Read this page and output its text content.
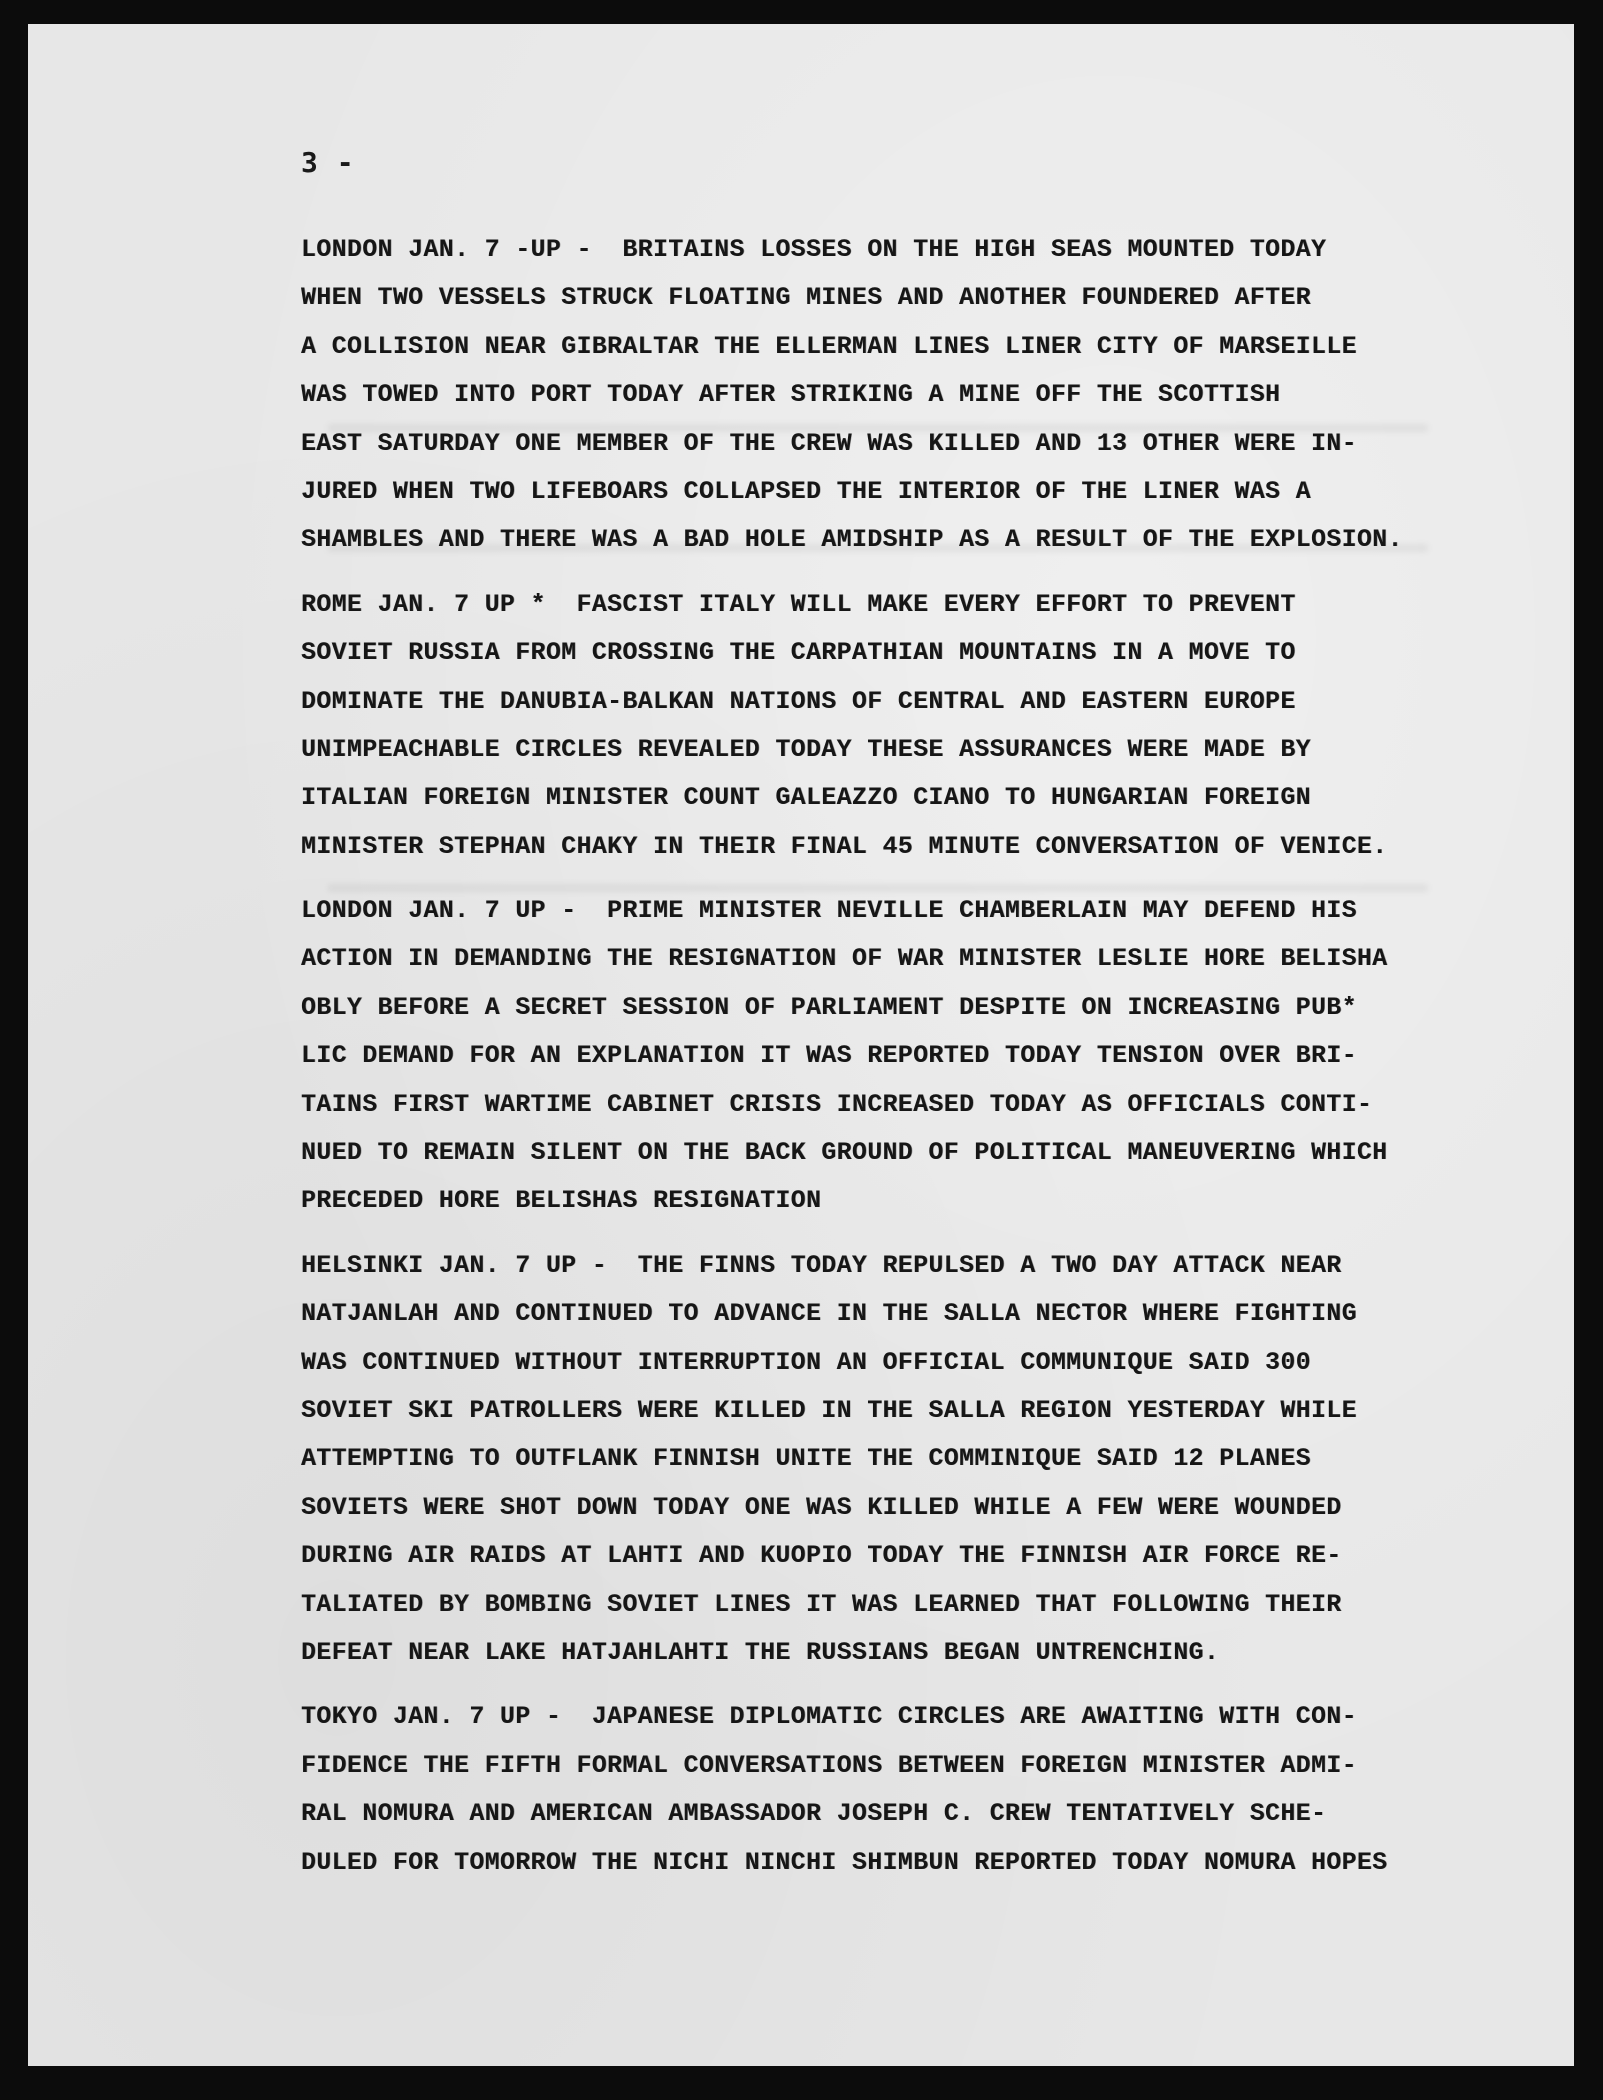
3 -
LONDON JAN. 7 -UP -  BRITAINS LOSSES ON THE HIGH SEAS MOUNTED TODAY
WHEN TWO VESSELS STRUCK FLOATING MINES AND ANOTHER FOUNDERED AFTER
A COLLISION NEAR GIBRALTAR THE ELLERMAN LINES LINER CITY OF MARSEILLE
WAS TOWED INTO PORT TODAY AFTER STRIKING A MINE OFF THE SCOTTISH
EAST SATURDAY ONE MEMBER OF THE CREW WAS KILLED AND 13 OTHER WERE IN-
JURED WHEN TWO LIFEBOARS COLLAPSED THE INTERIOR OF THE LINER WAS A
SHAMBLES AND THERE WAS A BAD HOLE AMIDSHIP AS A RESULT OF THE EXPLOSION.
ROME JAN. 7 UP *  FASCIST ITALY WILL MAKE EVERY EFFORT TO PREVENT
SOVIET RUSSIA FROM CROSSING THE CARPATHIAN MOUNTAINS IN A MOVE TO
DOMINATE THE DANUBIA-BALKAN NATIONS OF CENTRAL AND EASTERN EUROPE
UNIMPEACHABLE CIRCLES REVEALED TODAY THESE ASSURANCES WERE MADE BY
ITALIAN FOREIGN MINISTER COUNT GALEAZZO CIANO TO HUNGARIAN FOREIGN
MINISTER STEPHAN CHAKY IN THEIR FINAL 45 MINUTE CONVERSATION OF VENICE.
LONDON JAN. 7 UP -  PRIME MINISTER NEVILLE CHAMBERLAIN MAY DEFEND HIS
ACTION IN DEMANDING THE RESIGNATION OF WAR MINISTER LESLIE HORE BELISHA
OBLY BEFORE A SECRET SESSION OF PARLIAMENT DESPITE ON INCREASING PUB*
LIC DEMAND FOR AN EXPLANATION IT WAS REPORTED TODAY TENSION OVER BRI-
TAINS FIRST WARTIME CABINET CRISIS INCREASED TODAY AS OFFICIALS CONTI-
NUED TO REMAIN SILENT ON THE BACK GROUND OF POLITICAL MANEUVERING WHICH
PRECEDED HORE BELISHAS RESIGNATION
HELSINKI JAN. 7 UP -  THE FINNS TODAY REPULSED A TWO DAY ATTACK NEAR
NATJANLAH AND CONTINUED TO ADVANCE IN THE SALLA NECTOR WHERE FIGHTING
WAS CONTINUED WITHOUT INTERRUPTION AN OFFICIAL COMMUNIQUE SAID 300
SOVIET SKI PATROLLERS WERE KILLED IN THE SALLA REGION YESTERDAY WHILE
ATTEMPTING TO OUTFLANK FINNISH UNITE THE COMMINIQUE SAID 12 PLANES
SOVIETS WERE SHOT DOWN TODAY ONE WAS KILLED WHILE A FEW WERE WOUNDED
DURING AIR RAIDS AT LAHTI AND KUOPIO TODAY THE FINNISH AIR FORCE RE-
TALIATED BY BOMBING SOVIET LINES IT WAS LEARNED THAT FOLLOWING THEIR
DEFEAT NEAR LAKE HATJAHLAHTI THE RUSSIANS BEGAN UNTRENCHING.
TOKYO JAN. 7 UP -  JAPANESE DIPLOMATIC CIRCLES ARE AWAITING WITH CON-
FIDENCE THE FIFTH FORMAL CONVERSATIONS BETWEEN FOREIGN MINISTER ADMI-
RAL NOMURA AND AMERICAN AMBASSADOR JOSEPH C. CREW TENTATIVELY SCHE-
DULED FOR TOMORROW THE NICHI NINCHI SHIMBUN REPORTED TODAY NOMURA HOPES
